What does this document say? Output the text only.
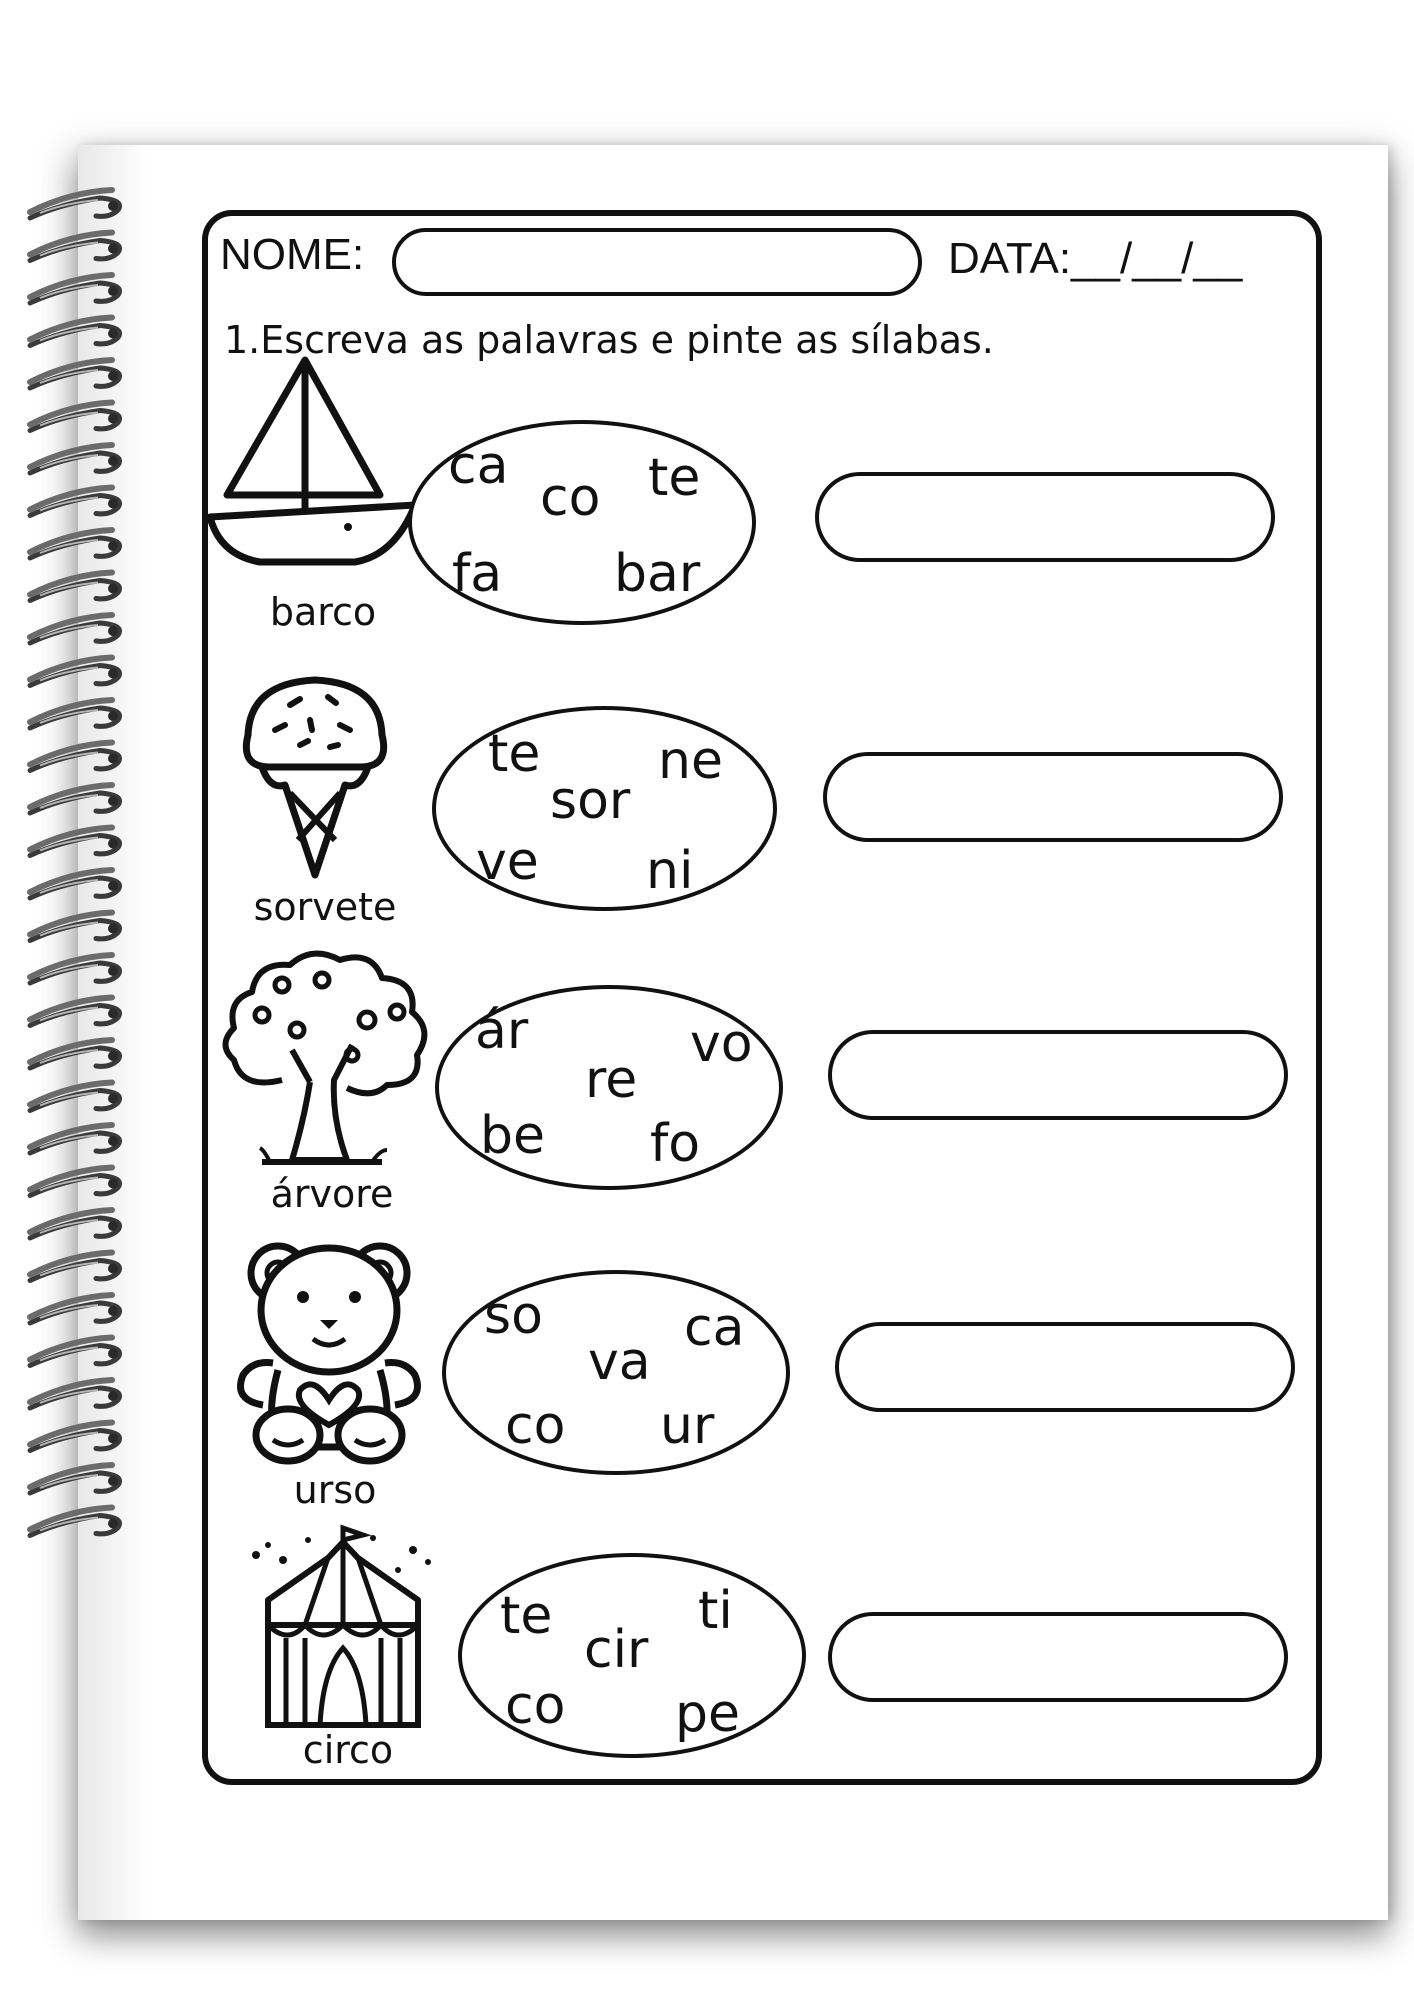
NOME:	DATA:__/__/__
1.Escreva as palavras e pinte as sílabas.
barco
ca
co te
fa bar
sorvete
te ne
sor
ve ni
árvore
ár	vo
re
be fo
urso
so	ca
va
co ur
circo
te	ti
cir
co pe
